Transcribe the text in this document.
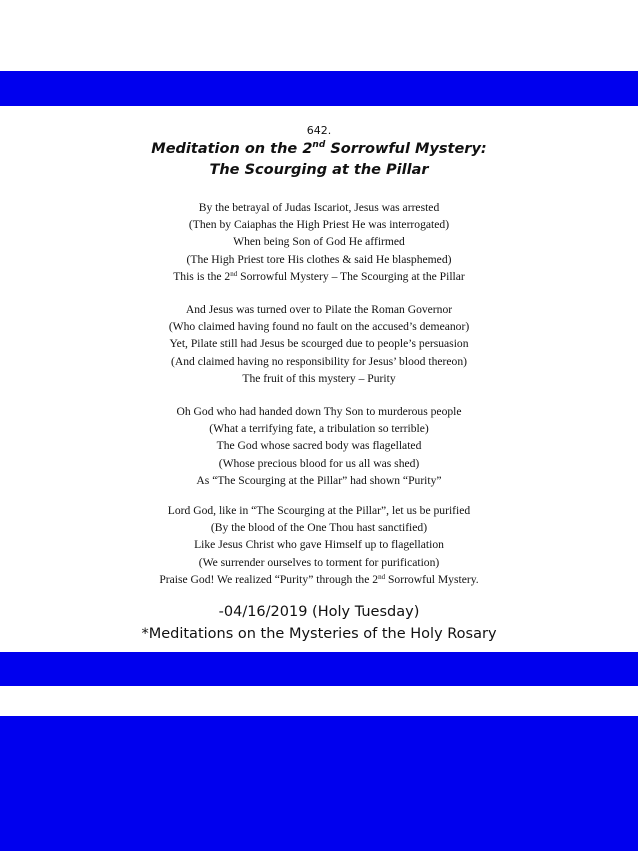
642.
Meditation on the 2nd Sorrowful Mystery:
The Scourging at the Pillar
By the betrayal of Judas Iscariot, Jesus was arrested
(Then by Caiaphas the High Priest He was interrogated)
When being Son of God He affirmed
(The High Priest tore His clothes & said He blasphemed)
This is the 2nd Sorrowful Mystery – The Scourging at the Pillar
And Jesus was turned over to Pilate the Roman Governor
(Who claimed having found no fault on the accused’s demeanor)
Yet, Pilate still had Jesus be scourged due to people’s persuasion
(And claimed having no responsibility for Jesus’ blood thereon)
The fruit of this mystery – Purity
Oh God who had handed down Thy Son to murderous people
(What a terrifying fate, a tribulation so terrible)
The God whose sacred body was flagellated
(Whose precious blood for us all was shed)
As “The Scourging at the Pillar” had shown “Purity”
Lord God, like in “The Scourging at the Pillar”, let us be purified
(By the blood of the One Thou hast sanctified)
Like Jesus Christ who gave Himself up to flagellation
(We surrender ourselves to torment for purification)
Praise God! We realized “Purity” through the 2nd Sorrowful Mystery.
-04/16/2019 (Holy Tuesday)
*Meditations on the Mysteries of the Holy Rosary
